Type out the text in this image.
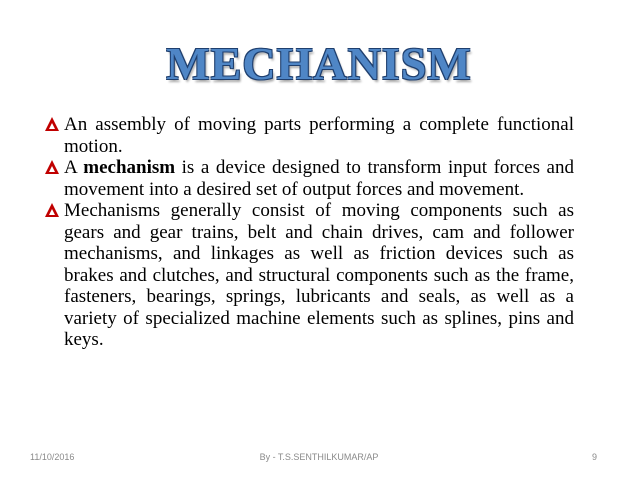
MECHANISM
An assembly of moving parts performing a complete functional motion.
A mechanism is a device designed to transform input forces and movement into a desired set of output forces and movement.
Mechanisms generally consist of moving components such as gears and gear trains, belt and chain drives, cam and follower mechanisms, and linkages as well as friction devices such as brakes and clutches, and structural components such as the frame, fasteners, bearings, springs, lubricants and seals, as well as a variety of specialized machine elements such as splines, pins and keys.
11/10/2016	By - T.S.SENTHILKUMAR/AP	9
